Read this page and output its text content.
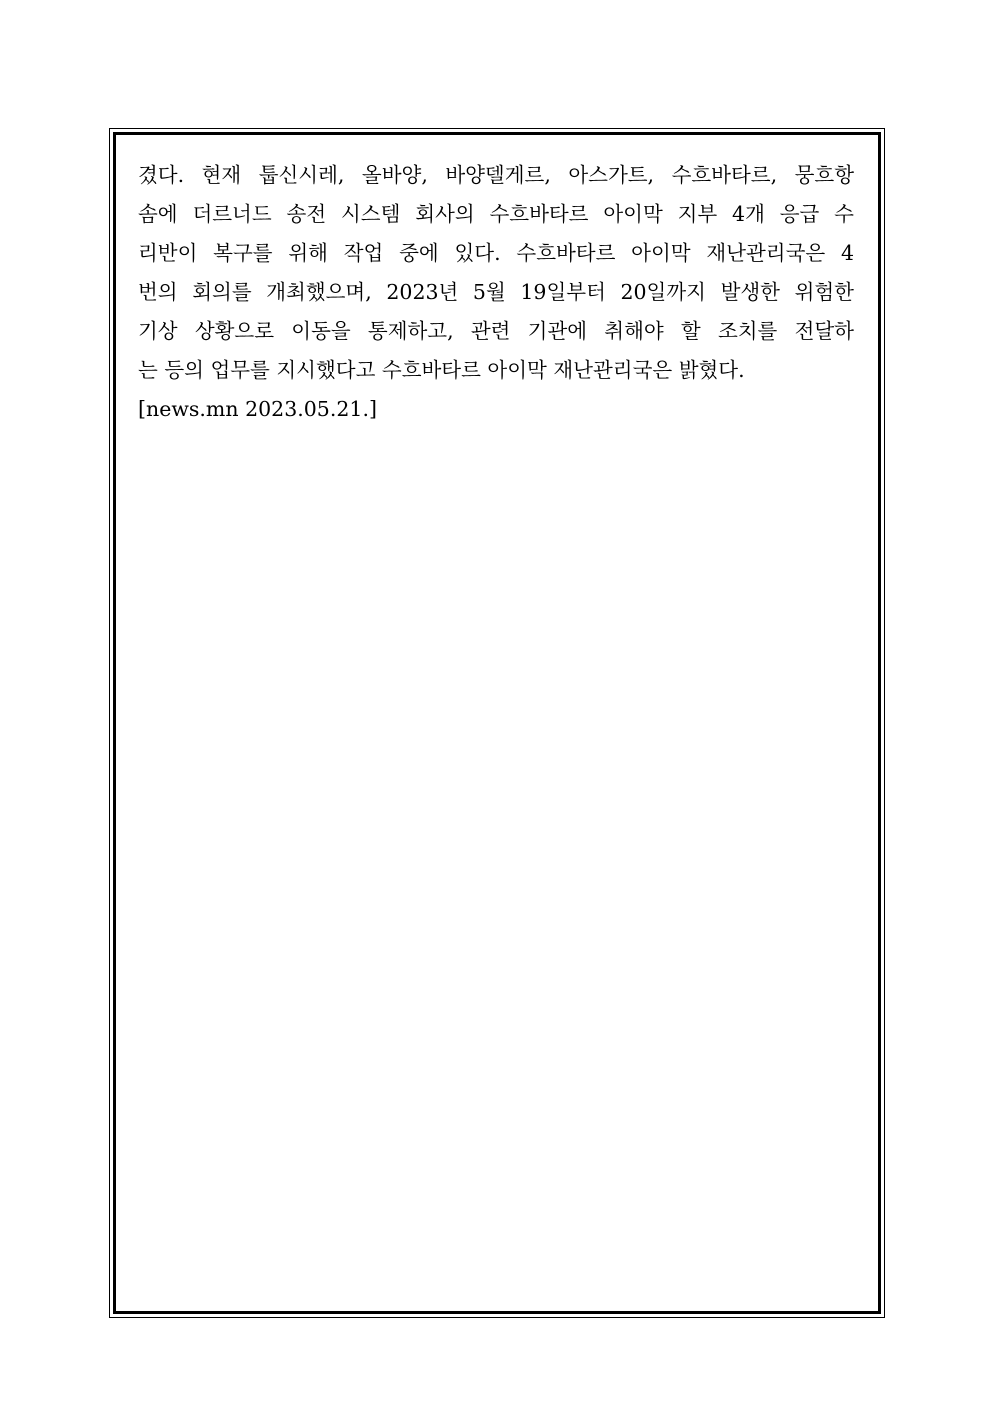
겼다. 현재 툽신시레, 올바양, 바양델게르, 아스가트, 수흐바타르, 뭉흐항
솜에 더르너드 송전 시스템 회사의 수흐바타르 아이막 지부 4개 응급 수
리반이 복구를 위해 작업 중에 있다. 수흐바타르 아이막 재난관리국은 4
번의 회의를 개최했으며, 2023년 5월 19일부터 20일까지 발생한 위험한
기상 상황으로 이동을 통제하고, 관련 기관에 취해야 할 조치를 전달하
는 등의 업무를 지시했다고 수흐바타르 아이막 재난관리국은 밝혔다.
[news.mn 2023.05.21.]
